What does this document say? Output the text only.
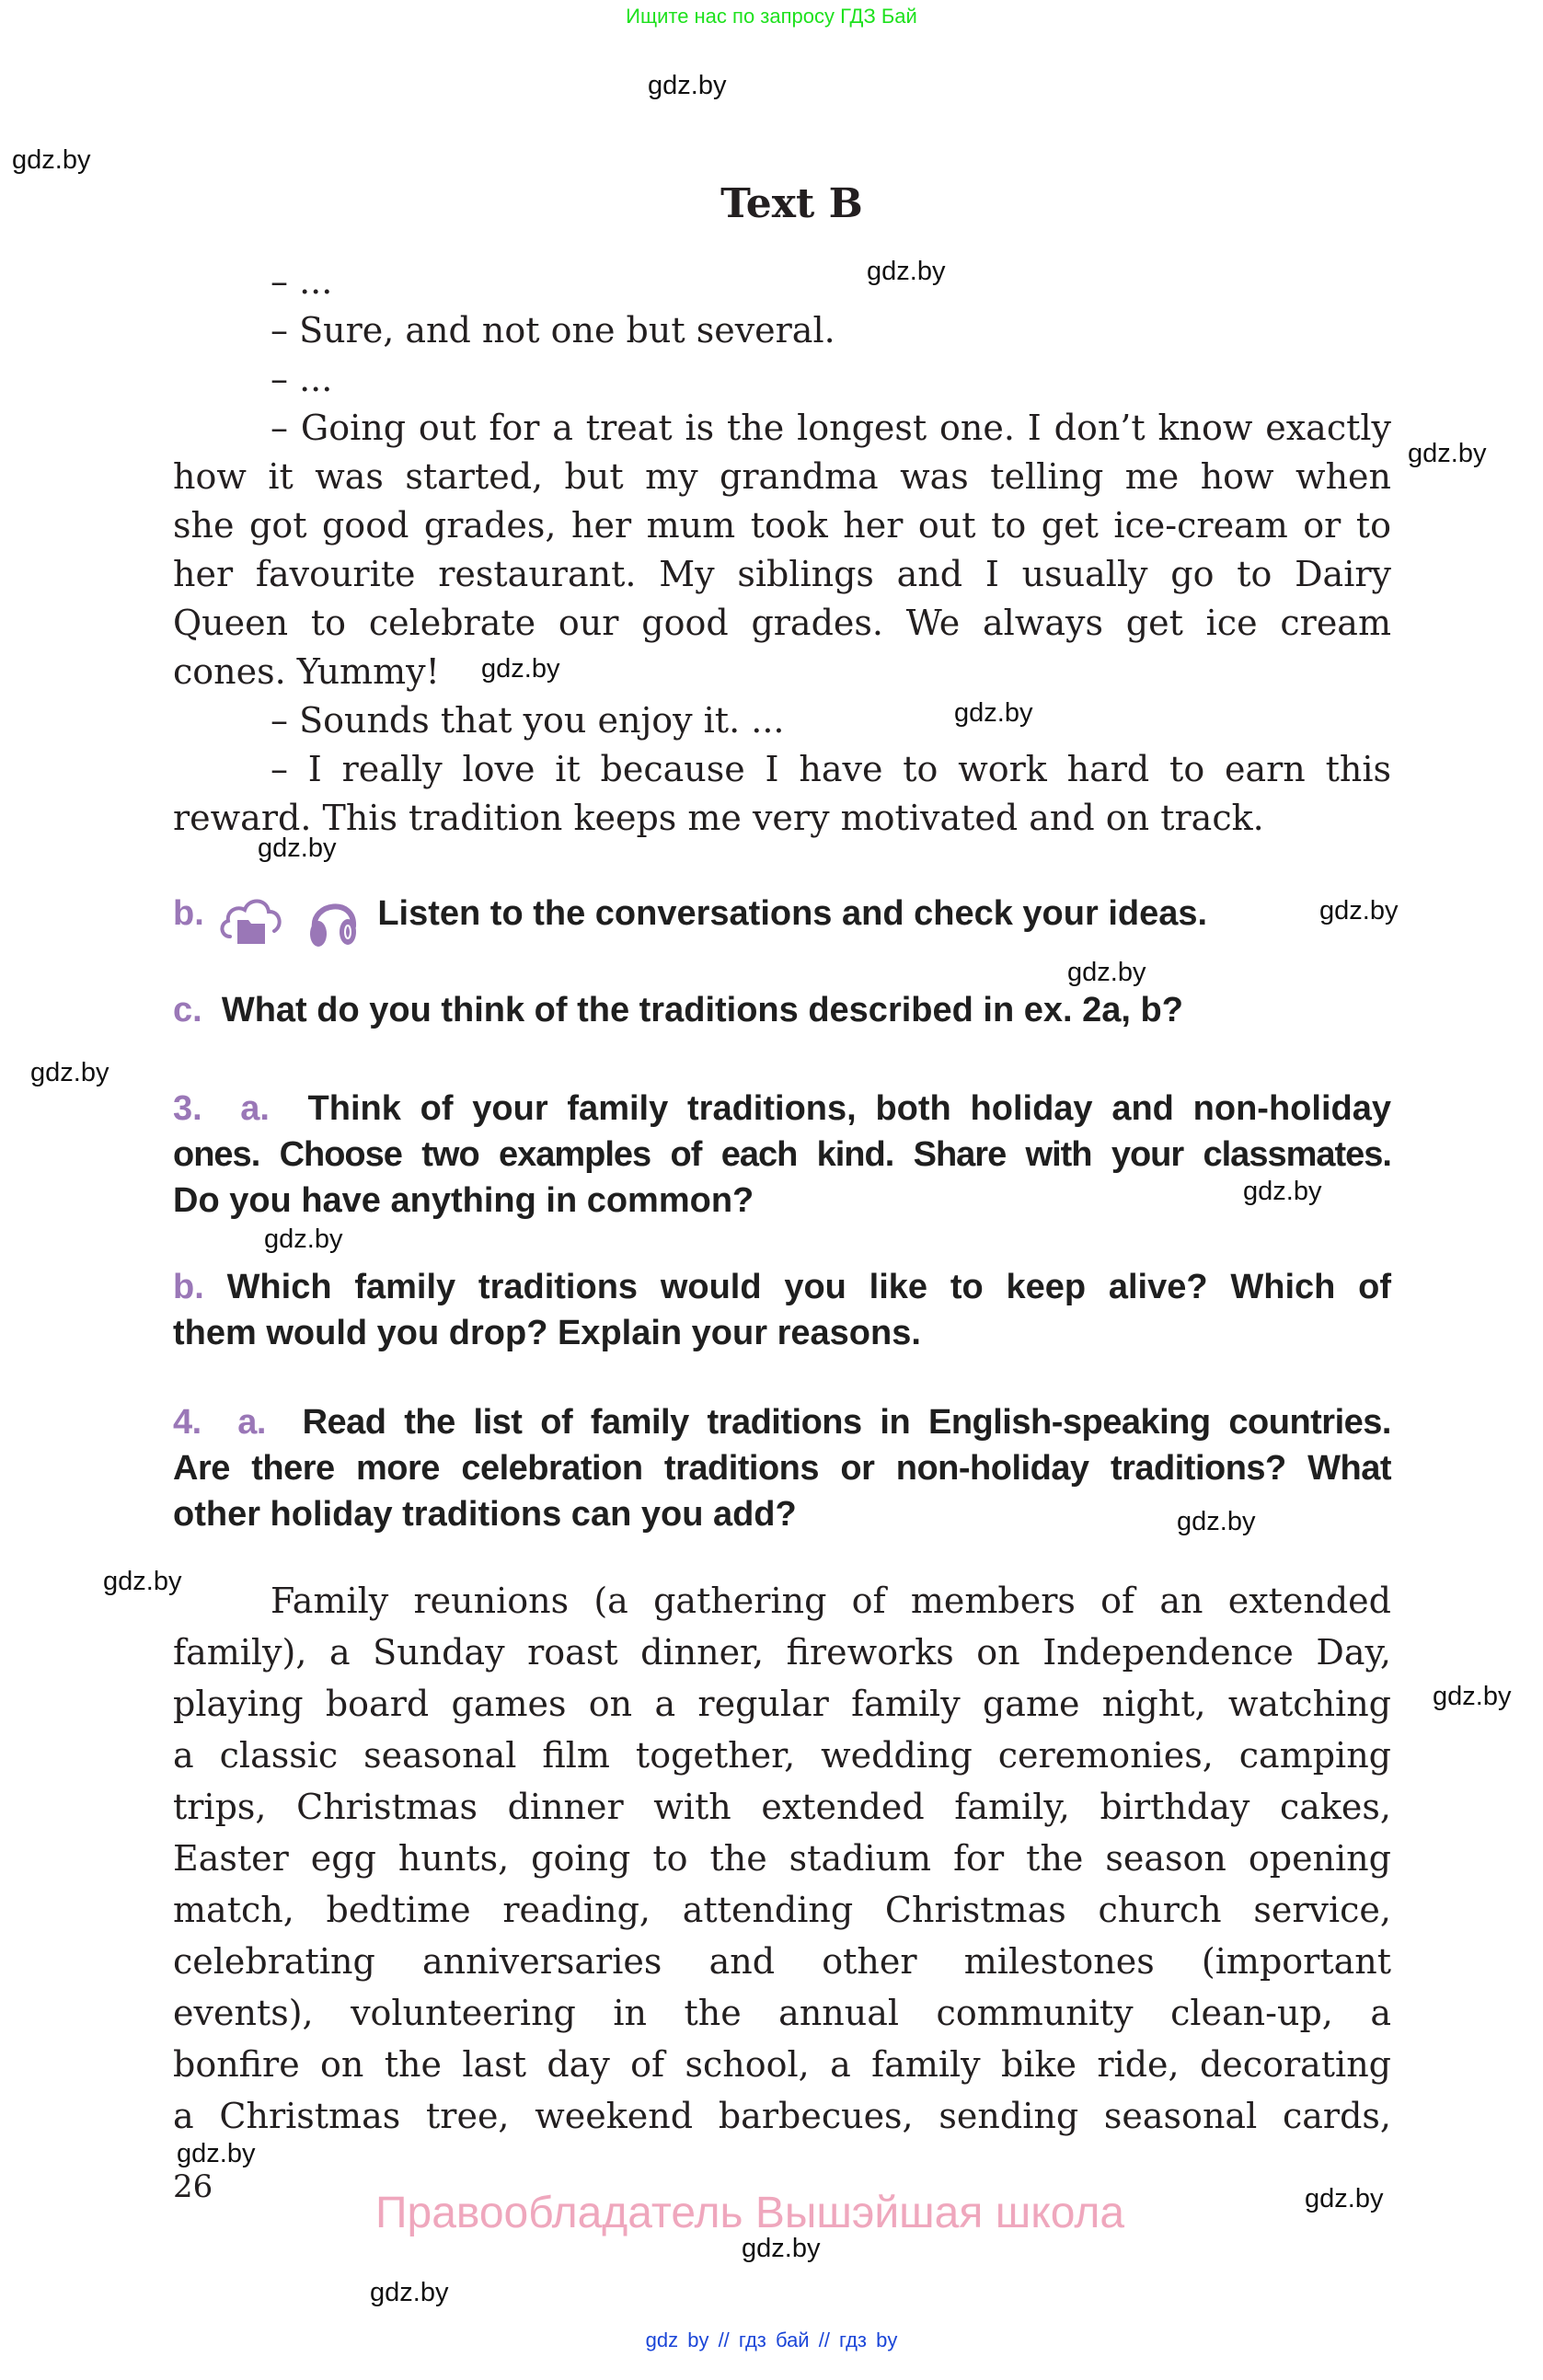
Ищите нас по запросу ГДЗ Бай
gdz.by
gdz.by
gdz.by
gdz.by
gdz.by
gdz.by
gdz.by
gdz.by
gdz.by
gdz.by
gdz.by
gdz.by
gdz.by
gdz.by
gdz.by
gdz.by
gdz.by
gdz.by
gdz.by
Text B
– ...
– Sure, and not one but several.
– ...
– Going out for a treat is the longest one. I don’t know exactly
how it was started, but my grandma was telling me how when
she got good grades, her mum took her out to get ice-cream or to
her favourite restaurant. My siblings and I usually go to Dairy
Queen to celebrate our good grades. We always get ice cream
cones. Yummy!
– Sounds that you enjoy it. ...
– I really love it because I have to work hard to earn this
reward. This tradition keeps me very motivated and on track.
b.	Listen to the conversations and check your ideas.
c. What do you think of the traditions described in ex. 2a, b?
3. a. Think of your family traditions, both holiday and non-holiday
ones. Choose two examples of each kind. Share with your classmates.
Do you have anything in common?
b. Which family traditions would you like to keep alive? Which of
them would you drop? Explain your reasons.
4. a. Read the list of family traditions in English-speaking countries.
Are there more celebration traditions or non-holiday traditions? What
other holiday traditions can you add?
Family reunions (a gathering of members of an extended
family), a Sunday roast dinner, fireworks on Independence Day,
playing board games on a regular family game night, watching
a classic seasonal film together, wedding ceremonies, camping
trips, Christmas dinner with extended family, birthday cakes,
Easter egg hunts, going to the stadium for the season opening
match, bedtime reading, attending Christmas church service,
celebrating anniversaries and other milestones (important
events), volunteering in the annual community clean-up, a
bonfire on the last day of school, a family bike ride, decorating
a Christmas tree, weekend barbecues, sending seasonal cards,
26
Правообладатель Вышэйшая школа
gdz by // гдз бай // гдз by
